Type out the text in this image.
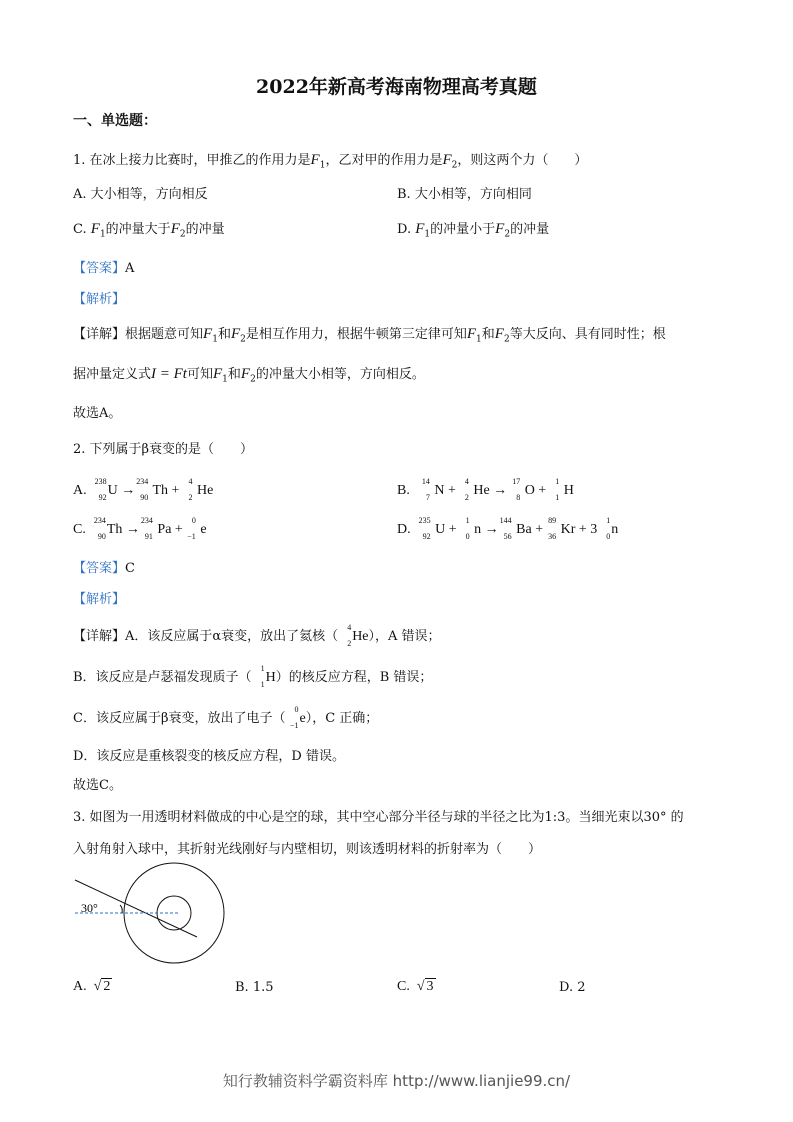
2022年新高考海南物理高考真题
一、单选题：
1. 在冰上接力比赛时，甲推乙的作用力是$F_1$，乙对甲的作用力是$F_2$，则这两个力（　　）
A. 大小相等，方向相反	B. 大小相等，方向相同
C. $F_1$的冲量大于$F_2$的冲量	D. $F_1$的冲量小于$F_2$的冲量
【答案】A
【解析】
【详解】根据题意可知$F_1$和$F_2$是相互作用力，根据牛顿第三定律可知$F_1$和$F_2$等大反向、具有同时性；根
据冲量定义式I = Ft可知$F_1$和$F_2$的冲量大小相等，方向相反。
故选A。
2. 下列属于β衰变的是（　　）
A.
238
92 U →
234
90 Th +
4
2 He	B.
14
7 N +
4
2 He →
17
8 O +
1
1 H
C.
234
90 Th →
234
91 Pa +
0
−1 e	D.
235
92 U +
1
0 n →
144
56 Ba +
89
36 Kr + 3
1
0 n
【答案】C
【解析】
【详解】A．该反应属于α衰变，放出了氦核（
4
2 He），A 错误；
B．该反应是卢瑟福发现质子（
1
1 H）的核反应方程，B 错误；
C．该反应属于β衰变，放出了电子（
0
−1 e），C 正确；
D．该反应是重核裂变的核反应方程，D 错误。
故选C。
3. 如图为一用透明材料做成的中心是空的球，其中空心部分半径与球的半径之比为1:3。当细光束以30° 的
入射角射入球中，其折射光线刚好与内壁相切，则该透明材料的折射率为（　　）
30°
A.  √ 2	B. 1.5	C.  √ 3	D. 2
知行教辅资料学霸资料库 http://www.lianjie99.cn/
